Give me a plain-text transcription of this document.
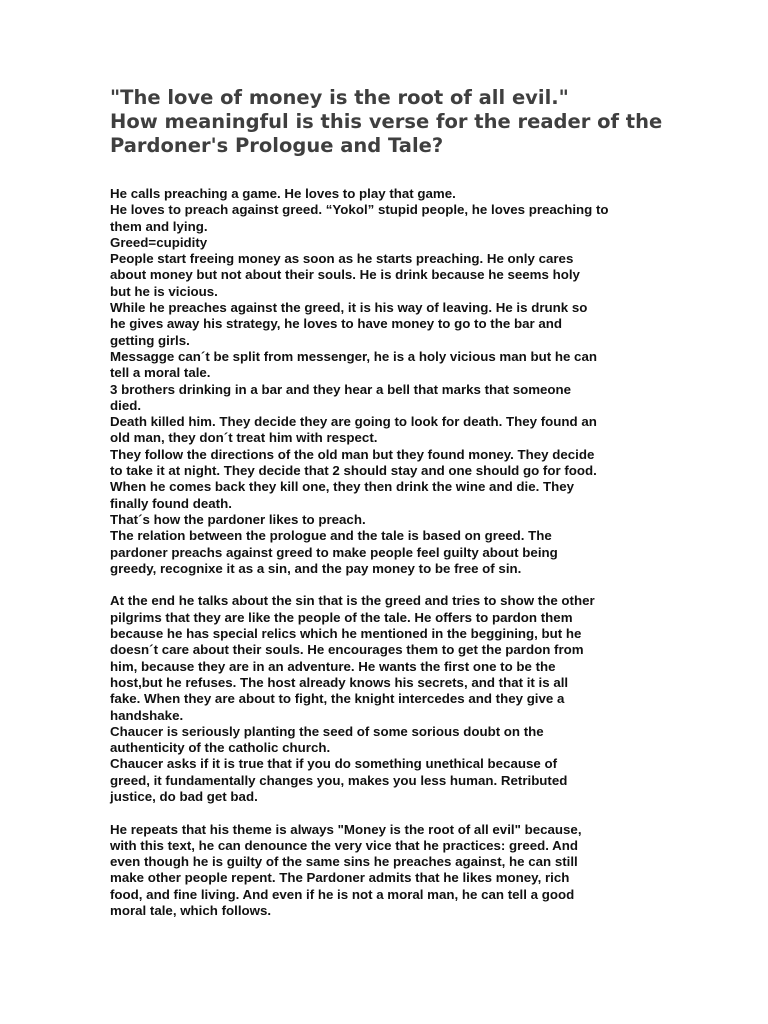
"The love of money is the root of all evil."
How meaningful is this verse for the reader of the
Pardoner's Prologue and Tale?
He calls preaching a game. He loves to play that game.
He loves to preach against greed. “Yokol” stupid people, he loves preaching to
them and lying.
Greed=cupidity
People start freeing money as soon as he starts preaching. He only cares
about money but not about their souls. He is drink because he seems holy
but he is vicious.
While he preaches against the greed, it is his way of leaving. He is drunk so
he gives away his strategy, he loves to have money to go to the bar and
getting girls.
Messagge can´t be split from messenger, he is a holy vicious man but he can
tell a moral tale.
3 brothers drinking in a bar and they hear a bell that marks that someone
died.
Death killed him. They decide they are going to look for death. They found an
old man, they don´t treat him with respect.
They follow the directions of the old man but they found money. They decide
to take it at night. They decide that 2 should stay and one should go for food.
When he comes back they kill one, they then drink the wine and die. They
finally found death.
That´s how the pardoner likes to preach.
The relation between the prologue and the tale is based on greed. The
pardoner preachs against greed to make people feel guilty about being
greedy, recognixe it as a sin, and the pay money to be free of sin.
At the end he talks about the sin that is the greed and tries to show the other
pilgrims that they are like the people of the tale. He offers to pardon them
because he has special relics which he mentioned in the beggining, but he
doesn´t care about their souls. He encourages them to get the pardon from
him, because they are in an adventure. He wants the first one to be the
host,but he refuses. The host already knows his secrets, and that it is all
fake. When they are about to fight, the knight intercedes and they give a
handshake.
Chaucer is seriously planting the seed of some sorious doubt on the
authenticity of the catholic church.
Chaucer asks if it is true that if you do something unethical because of
greed, it fundamentally changes you, makes you less human. Retributed
justice, do bad get bad.
He repeats that his theme is always "Money is the root of all evil" because,
with this text, he can denounce the very vice that he practices: greed. And
even though he is guilty of the same sins he preaches against, he can still
make other people repent. The Pardoner admits that he likes money, rich
food, and fine living. And even if he is not a moral man, he can tell a good
moral tale, which follows.
